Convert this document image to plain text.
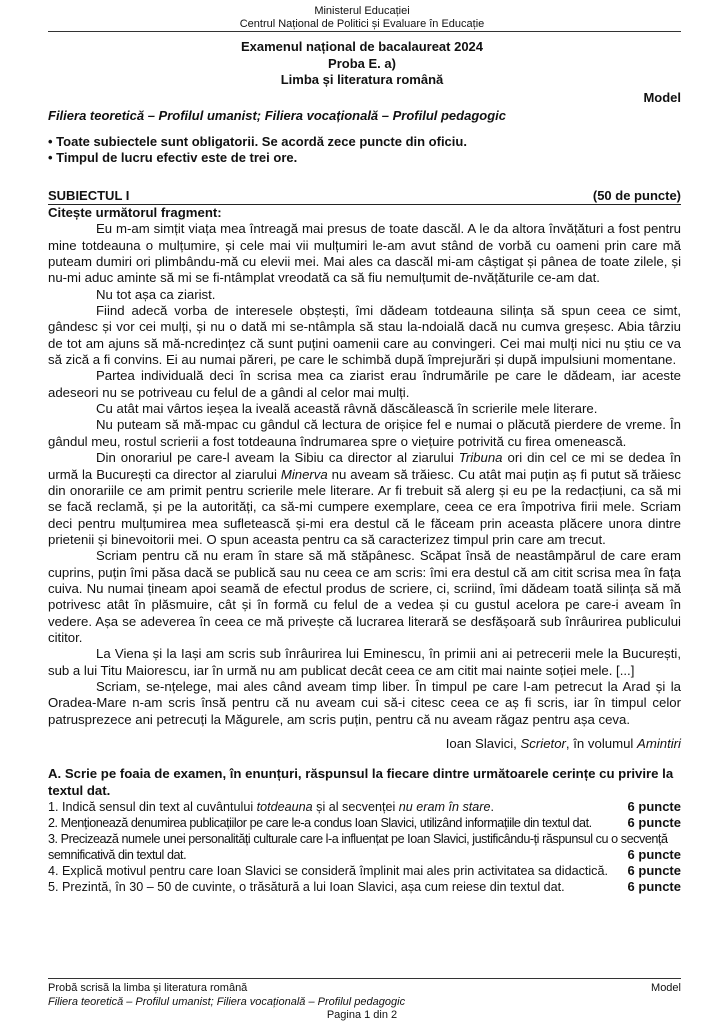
Ministerul Educației
Centrul Național de Politici și Evaluare în Educație
Examenul național de bacalaureat 2024
Proba E. a)
Limba și literatura română
Model
Filiera teoretică – Profilul umanist; Filiera vocațională – Profilul pedagogic
• Toate subiectele sunt obligatorii. Se acordă zece puncte din oficiu.
• Timpul de lucru efectiv este de trei ore.
SUBIECTUL I	(50 de puncte)

Citește următorul fragment:

Eu m-am simțit viața mea întreagă mai presus de toate dascăl. A le da altora învățături a fost pentru mine totdeauna o mulțumire, și cele mai vii mulțumiri le-am avut stând de vorbă cu oameni prin care mă puteam dumiri ori plimbându-mă cu elevii mei. Mai ales ca dascăl mi-am câștigat și pânea de toate zilele, și nu-mi aduc aminte să mi se fi-ntâmplat vreodată ca să fiu nemulțumit de-nvățăturile ce-am dat.

Nu tot așa ca ziarist.

Fiind adecă vorba de interesele obștești, îmi dădeam totdeauna silința să spun ceea ce simt, gândesc și vor cei mulți, și nu o dată mi se-ntâmpla să stau la-ndoială dacă nu cumva greșesc. Abia târziu de tot am ajuns să mă-ncredințez că sunt puțini oamenii care au convingeri. Cei mai mulți nici nu știu ce va să zică a fi convins. Ei au numai păreri, pe care le schimbă după împrejurări și după impulsiuni momentane.

Partea individuală deci în scrisa mea ca ziarist erau îndrumările pe care le dădeam, iar aceste adeseori nu se potriveau cu felul de a gândi al celor mai mulți.

Cu atât mai vârtos ieșea la iveală această râvnă dăscălească în scrierile mele literare.

Nu puteam să mă-mpac cu gândul că lectura de orișice fel e numai o plăcută pierdere de vreme. În gândul meu, rostul scrierii a fost totdeauna îndrumarea spre o viețuire potrivită cu firea omenească.

Din onorariul pe care-l aveam la Sibiu ca director al ziarului Tribuna ori din cel ce mi se dedea în urmă la București ca director al ziarului Minerva nu aveam să trăiesc. Cu atât mai puțin aș fi putut să trăiesc din onorariile ce am primit pentru scrierile mele literare. Ar fi trebuit să alerg și eu pe la redacțiuni, ca să mi se facă reclamă, și pe la autorități, ca să-mi cumpere exemplare, ceea ce era împotriva firii mele. Scriam deci pentru mulțumirea mea sufletească și-mi era destul că le făceam prin aceasta plăcere unora dintre prietenii și binevoitorii mei. O spun aceasta pentru ca să caracterizez timpul prin care am trecut.

Scriam pentru că nu eram în stare să mă stăpânesc. Scăpat însă de neastâmpărul de care eram cuprins, puțin îmi păsa dacă se publică sau nu ceea ce am scris: îmi era destul că am citit scrisa mea în fața cuiva. Nu numai țineam apoi seamă de efectul produs de scriere, ci, scriind, îmi dădeam toată silința să mă potrivesc atât în plăsmuire, cât și în formă cu felul de a vedea și cu gustul acelora pe care-i aveam în vedere. Așa se adeverea în ceea ce mă privește că lucrarea literară se desfășoară sub înrâurirea publicului cititor.

La Viena și la Iași am scris sub înrâurirea lui Eminescu, în primii ani ai petrecerii mele la București, sub a lui Titu Maiorescu, iar în urmă nu am publicat decât ceea ce am citit mai nainte soției mele. [...]

Scriam, se-nțelege, mai ales când aveam timp liber. În timpul pe care l-am petrecut la Arad și la Oradea-Mare n-am scris însă pentru că nu aveam cui să-i citesc ceea ce aș fi scris, iar în timpul celor patrusprezece ani petrecuți la Măgurele, am scris puțin, pentru că nu aveam răgaz pentru așa ceva.

Ioan Slavici, Scrietor, în volumul Amintiri

A. Scrie pe foaia de examen, în enunțuri, răspunsul la fiecare dintre următoarele cerințe cu privire la textul dat.
1. Indică sensul din text al cuvântului totdeauna și al secvenței nu eram în stare.	6 puncte
2. Menționează denumirea publicațiilor pe care le-a condus Ioan Slavici, utilizând informațiile din textul dat.	6 puncte
3. Precizează numele unei personalități culturale care l-a influențat pe Ioan Slavici, justificându-ți răspunsul cu o secvență
semnificativă din textul dat.	6 puncte
4. Explică motivul pentru care Ioan Slavici se consideră împlinit mai ales prin activitatea sa didactică. 6 puncte
5. Prezintă, în 30 – 50 de cuvinte, o trăsătură a lui Ioan Slavici, așa cum reiese din textul dat.	6 puncte
Probă scrisă la limba și literatura română	Model
Filiera teoretică – Profilul umanist; Filiera vocațională – Profilul pedagogic
Pagina 1 din 2
